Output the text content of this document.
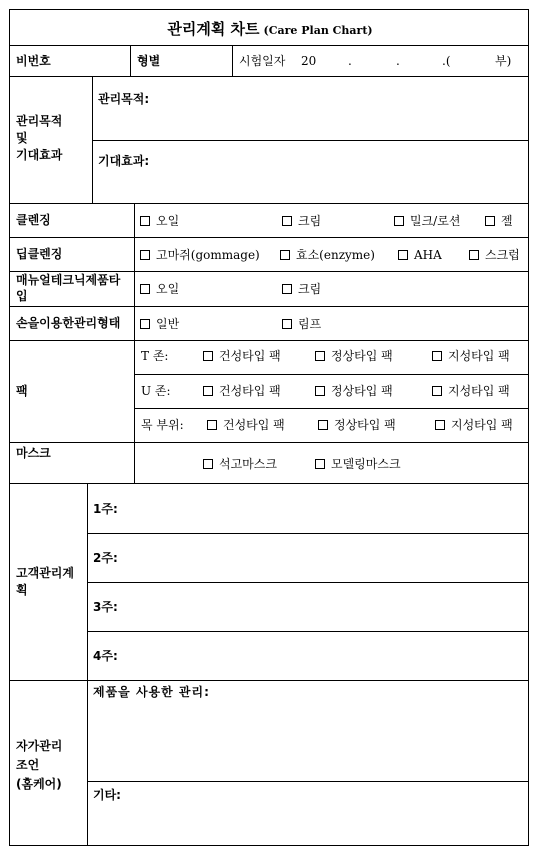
관리계획 차트 (Care Plan Chart)
비번호	형별	시험일자 20	.	.	.(	부)
관리목적
및
기대효과
관리목적:
기대효과:
클렌징	오일	크림	밀크/로션	젤
딥클렌징	고마쥐(gommage)	효소(enzyme)	AHA	스크럽
매뉴얼테크닉제품타
입	오일	크림
손을이용한관리형태	일반	림프
팩
T 존:	건성타입 팩	정상타입 팩	지성타입 팩
U 존:	건성타입 팩	정상타입 팩	지성타입 팩
목 부위:	건성타입 팩	정상타입 팩	지성타입 팩
마스크
석고마스크	모델링마스크
고객관리계
획
1주:
2주:
3주:
4주:
자가관리
조언
(홈케어)
제품을 사용한 관리:
기타:
